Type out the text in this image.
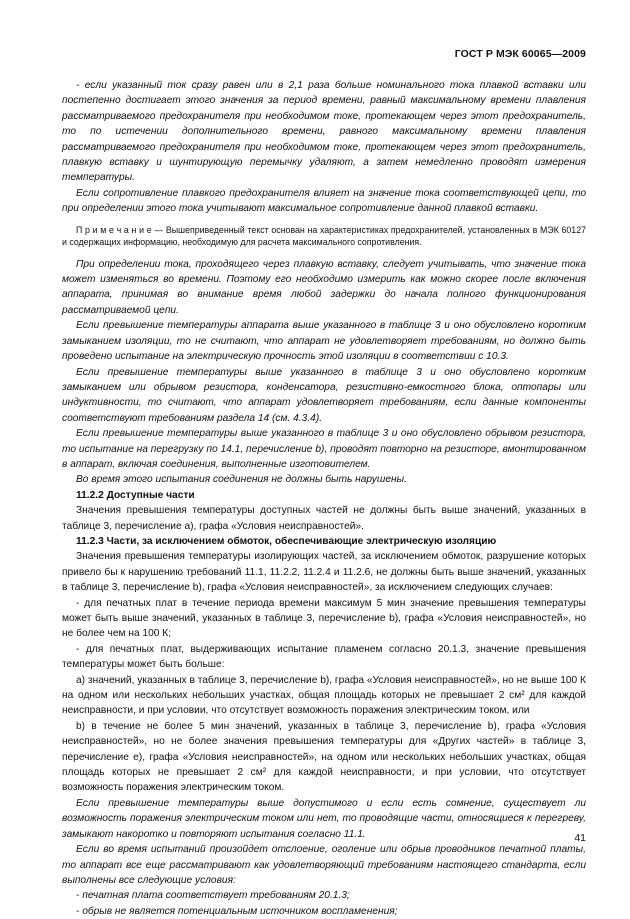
ГОСТ Р МЭК 60065—2009

- если указанный ток сразу равен или в 2,1 раза больше номинального тока плавкой вставки или постепенно достигает этого значения за период времени, равный максимальному времени плавления рассматриваемого предохранителя при необходимом токе, протекающем через этот предохранитель, то по истечении дополнительного времени, равного максимальному времени плавления рассматриваемого предохранителя при необходимом токе, протекающем через этот предохранитель, плавкую вставку и шунтирующую перемычку удаляют, а затем немедленно проводят измерения температуры.

Если сопротивление плавкого предохранителя влияет на значение тока соответствующей цепи, то при определении этого тока учитывают максимальное сопротивление данной плавкой вставки.

П р и м е ч а н и е — Вышеприведенный текст основан на характеристиках предохранителей, установленных в МЭК 60127 и содержащих информацию, необходимую для расчета максимального сопротивления.

При определении тока, проходящего через плавкую вставку, следует учитывать, что значение тока может изменяться во времени. Поэтому его необходимо измерить как можно скорее после включения аппарата, принимая во внимание время любой задержки до начала полного функционирования рассматриваемой цепи.

Если превышение температуры аппарата выше указанного в таблице 3 и оно обусловлено коротким замыканием изоляции, то не считают, что аппарат не удовлетворяет требованиям, но должно быть проведено испытание на электрическую прочность этой изоляции в соответствии с 10.3.

Если превышение температуры выше указанного в таблице 3 и оно обусловлено коротким замыканием или обрывом резистора, конденсатора, резистивно-емкостного блока, оптопары или индуктивности, то считают, что аппарат удовлетворяет требованиям, если данные компоненты соответствуют требованиям раздела 14 (см. 4.3.4).

Если превышение температуры выше указанного в таблице 3 и оно обусловлено обрывом резистора, то испытание на перегрузку по 14.1, перечисление b), проводят повторно на резисторе, вмонтированном в аппарат, включая соединения, выполненные изготовителем.

Во время этого испытания соединения не должны быть нарушены.

11.2.2 Доступные части

Значения превышения температуры доступных частей не должны быть выше значений, указанных в таблице 3, перечисление а), графа «Условия неисправностей».

11.2.3 Части, за исключением обмоток, обеспечивающие электрическую изоляцию

Значения превышения температуры изолирующих частей, за исключением обмоток, разрушение которых привело бы к нарушению требований 11.1, 11.2.2, 11.2.4 и 11.2.6, не должны быть выше значений, указанных в таблице 3, перечисление b), графа «Условия неисправностей», за исключением следующих случаев:

- для печатных плат в течение периода времени максимум 5 мин значение превышения температуры может быть выше значений, указанных в таблице 3, перечисление b), графа «Условия неисправностей», но не более чем на 100 К;

- для печатных плат, выдерживающих испытание пламенем согласно 20.1.3, значение превышения температуры может быть больше:

а) значений, указанных в таблице 3, перечисление b), графа «Условия неисправностей», но не выше 100 К на одном или нескольких небольших участках, общая площадь которых не превышает 2 см² для каждой неисправности, и при условии, что отсутствует возможность поражения электрическим током, или

b) в течение не более 5 мин значений, указанных в таблице 3, перечисление b), графа «Условия неисправностей», но не более значения превышения температуры для «Других частей» в таблице 3, перечисление е), графа «Условия неисправностей», на одном или нескольких небольших участках, общая площадь которых не превышает 2 см² для каждой неисправности, и при условии, что отсутствует возможность поражения электрическим током.

Если превышение температуры выше допустимого и если есть сомнение, существует ли возможность поражения электрическим током или нет, то проводящие части, относящиеся к перегреву, замыкают накоротко и повторяют испытания согласно 11.1.

Если во время испытаний произойдет отслоение, оголение или обрыв проводников печатной платы, то аппарат все еще рассматривают как удовлетворяющий требованиям настоящего стандарта, если выполнены все следующие условия:

- печатная плата соответствует требованиям 20.1.3;

- обрыв не является потенциальным источником воспламенения;

41
